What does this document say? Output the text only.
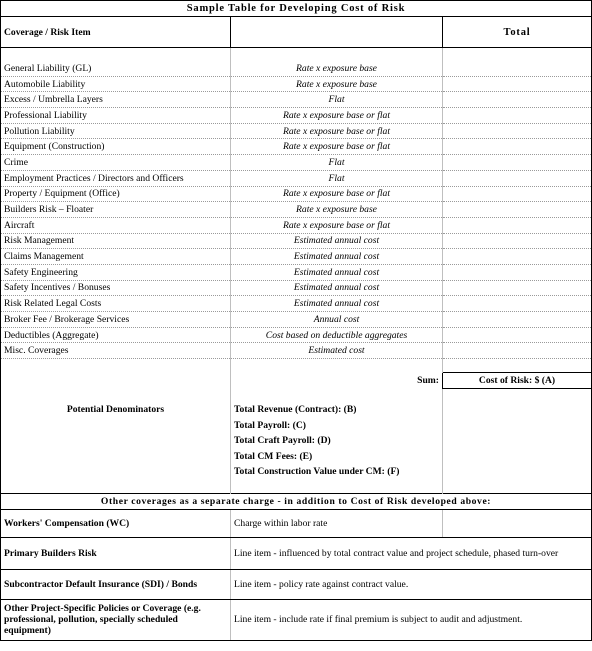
Sample Table for Developing Cost of Risk		
Coverage / Risk Item		Total

General Liability (GL)	Rate x exposure base	
Automobile Liability	Rate x exposure base	
Excess / Umbrella Layers	Flat	
Professional Liability	Rate x exposure base or flat	
Pollution Liability	Rate x exposure base or flat	
Equipment (Construction)	Rate x exposure base or flat	
Crime	Flat	
Employment Practices / Directors and Officers	Flat	
Property / Equipment (Office)	Rate x exposure base or flat	
Builders Risk – Floater	Rate x exposure base	
Aircraft	Rate x exposure base or flat	
Risk Management	Estimated annual cost	
Claims Management	Estimated annual cost	
Safety Engineering	Estimated annual cost	
Safety Incentives / Bonuses	Estimated annual cost	
Risk Related Legal Costs	Estimated annual cost	
Broker Fee / Brokerage Services	Annual cost	
Deductibles (Aggregate)	Cost based on deductible aggregates	
Misc. Coverages	Estimated cost	

	Sum:	Cost of Risk: $ (A)

Potential Denominators	Total Revenue (Contract): (B)	
	Total Payroll: (C)	
	Total Craft Payroll: (D)	
	Total CM Fees: (E)	
	Total Construction Value under CM: (F)	

Other coverages as a separate charge - in addition to Cost of Risk developed above:		
Workers' Compensation (WC)	Charge within labor rate	
Primary Builders Risk	Line item - influenced by total contract value and project schedule, phased turn-over	
Subcontractor Default Insurance (SDI) / Bonds	Line item - policy rate against contract value.	
Other Project-Specific Policies or Coverage (e.g. professional, pollution, specially scheduled equipment)	Line item - include rate if final premium is subject to audit and adjustment.	
